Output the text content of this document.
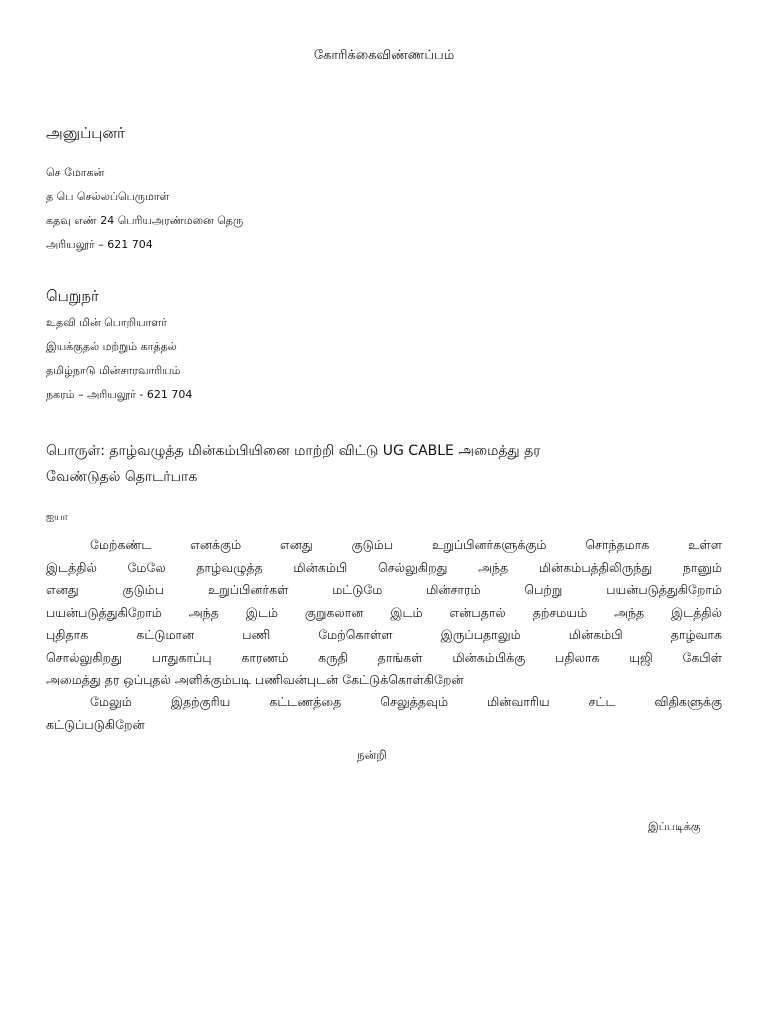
கோரிக்கைவிண்ணப்பம்
அனுப்புனர்
செ மோகன்
த பெ செல்லப்பெருமாள்
கதவு எண் 24 பெரியஅரண்மனை தெரு
அரியலூர் – 621 704
பெறுநர்
உதவி மின் பொறியாளர்
இயக்குதல் மற்றும் காத்தல்
தமிழ்நாடு மின்சாரவாரியம்
நகரம் – அரியலூர் - 621 704
பொருள்: தாழ்வழுத்த மின்கம்பியினை மாற்றி விட்டு UG CABLE அமைத்து தர
வேண்டுதல் தொடர்பாக
ஐயா
மேற்கண்ட எனக்கும் எனது குடும்ப உறுப்பினர்களுக்கும் சொந்தமாக உள்ள
இடத்தில் மேலே தாழ்வழுத்த மின்கம்பி செல்லுகிறது அந்த மின்கம்பத்திலிருந்து நானும்
எனது குடும்ப உறுப்பினர்கள் மட்டுமே மின்சாரம் பெற்று பயன்படுத்துகிறோம்
பயன்படுத்துகிறோம் அந்த இடம் குறுகலான இடம் என்பதால் தற்சமயம் அந்த இடத்தில்
புதிதாக கட்டுமான பணி மேற்கொள்ள இருப்பதாலும் மின்கம்பி தாழ்வாக
சொல்லுகிறது பாதுகாப்பு காரணம் கருதி தாங்கள் மின்கம்பிக்கு பதிலாக யுஜி கேபிள்
அமைத்து தர ஒப்புதல் அளிக்கும்படி பணிவன்புடன் கேட்டுக்கொள்கிறேன்
மேலும் இதற்குரிய கட்டணத்தை செலுத்தவும் மின்வாரிய சட்ட விதிகளுக்கு
கட்டுப்படுகிறேன்
நன்றி
இப்படிக்கு
